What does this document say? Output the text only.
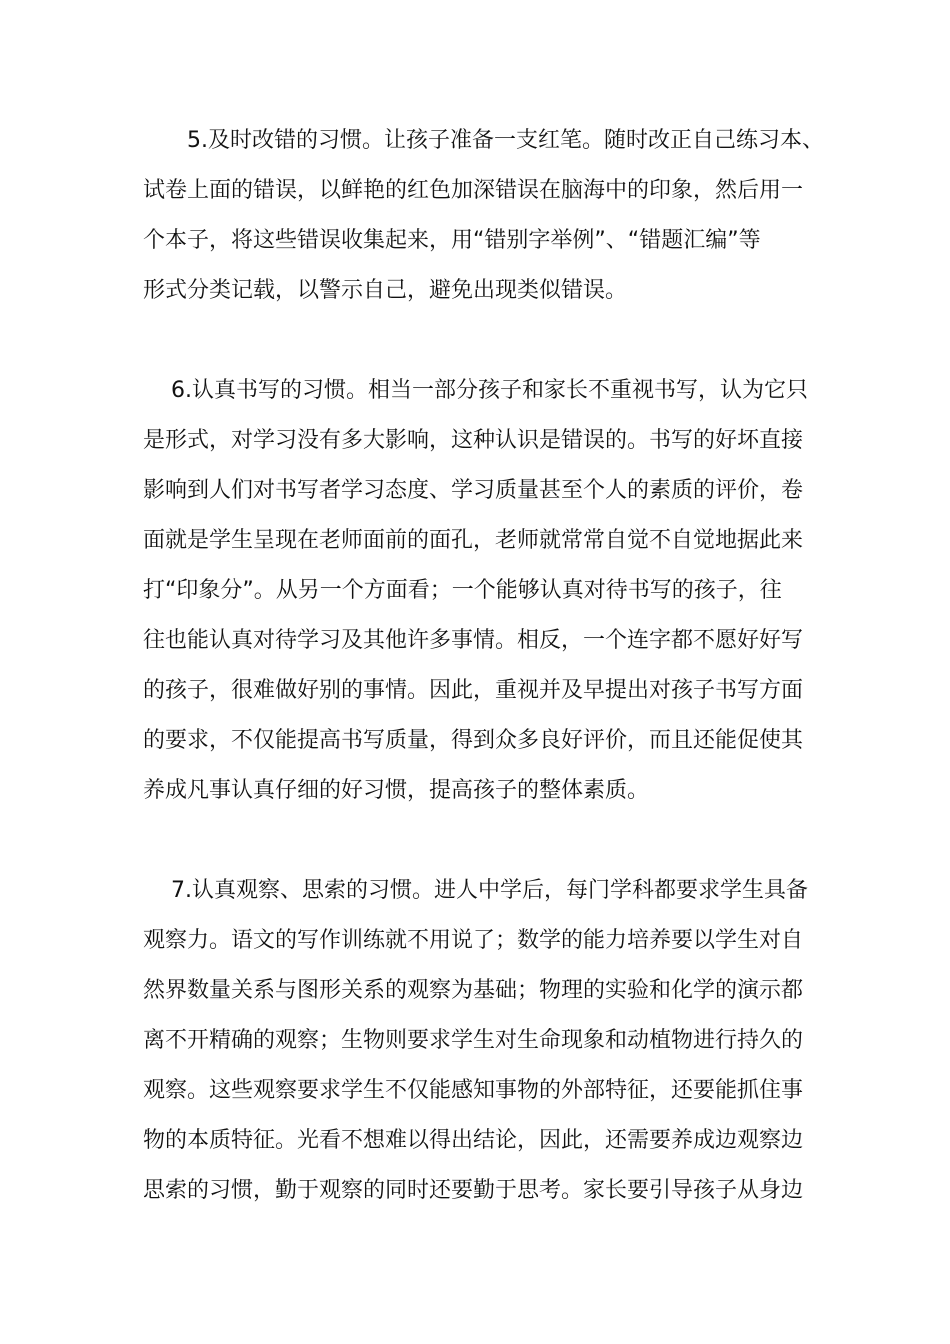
5.及时改错的习惯。让孩子准备一支红笔。随时改正自己练习本、
试卷上面的错误，以鲜艳的红色加深错误在脑海中的印象，然后用一
个本子，将这些错误收集起来，用“错别字举例”、“错题汇编”等
形式分类记载，以警示自己，避免出现类似错误。
6.认真书写的习惯。相当一部分孩子和家长不重视书写，认为它只
是形式，对学习没有多大影响，这种认识是错误的。书写的好坏直接
影响到人们对书写者学习态度、学习质量甚至个人的素质的评价，卷
面就是学生呈现在老师面前的面孔，老师就常常自觉不自觉地据此来
打“印象分”。从另一个方面看；一个能够认真对待书写的孩子，往
往也能认真对待学习及其他许多事情。相反，一个连字都不愿好好写
的孩子，很难做好别的事情。因此，重视并及早提出对孩子书写方面
的要求，不仅能提高书写质量，得到众多良好评价，而且还能促使其
养成凡事认真仔细的好习惯，提高孩子的整体素质。
7.认真观察、思索的习惯。进人中学后，每门学科都要求学生具备
观察力。语文的写作训练就不用说了；数学的能力培养要以学生对自
然界数量关系与图形关系的观察为基础；物理的实验和化学的演示都
离不开精确的观察；生物则要求学生对生命现象和动植物进行持久的
观察。这些观察要求学生不仅能感知事物的外部特征，还要能抓住事
物的本质特征。光看不想难以得出结论，因此，还需要养成边观察边
思索的习惯，勤于观察的同时还要勤于思考。家长要引导孩子从身边
